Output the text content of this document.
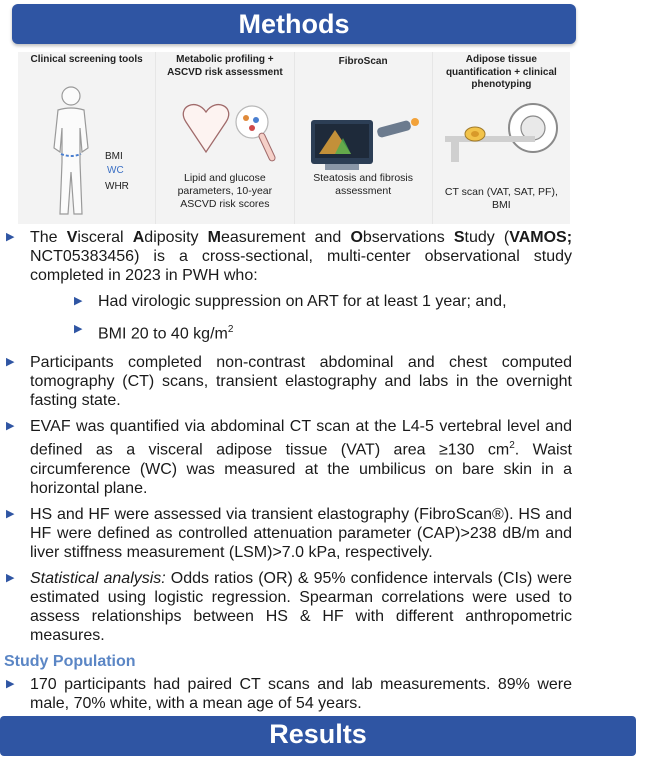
Methods
Clinical screening tools
BMI
WC
WHR
Metabolic profiling + ASCVD risk assessment
Lipid and glucose parameters, 10-year ASCVD risk scores
FibroScan
Steatosis and fibrosis assessment
Adipose tissue quantification + clinical phenotyping
CT scan (VAT, SAT, PF), BMI
▶ The Visceral Adiposity Measurement and Observations Study (VAMOS; NCT05383456) is a cross-sectional, multi-center observational study completed in 2023 in PWH who:
▶ Had virologic suppression on ART for at least 1 year; and,
▶ BMI 20 to 40 $kg/m^2$
▶ Participants completed non-contrast abdominal and chest computed tomography (CT) scans, transient elastography and labs in the overnight fasting state.
▶ EVAF was quantified via abdominal CT scan at the L4-5 vertebral level and defined as a visceral adipose tissue (VAT) area ≥130 $cm^2$. Waist circumference (WC) was measured at the umbilicus on bare skin in a horizontal plane.
▶ HS and HF were assessed via transient elastography (FibroScan®). HS and HF were defined as controlled attenuation parameter (CAP)>238 dB/m and liver stiffness measurement (LSM)>7.0 kPa, respectively.
▶ Statistical analysis: Odds ratios (OR) & 95% confidence intervals (CIs) were estimated using logistic regression. Spearman correlations were used to assess relationships between HS & HF with different anthropometric measures.
Study Population
▶ 170 participants had paired CT scans and lab measurements. 89% were male, 70% white, with a mean age of 54 years.
Results
